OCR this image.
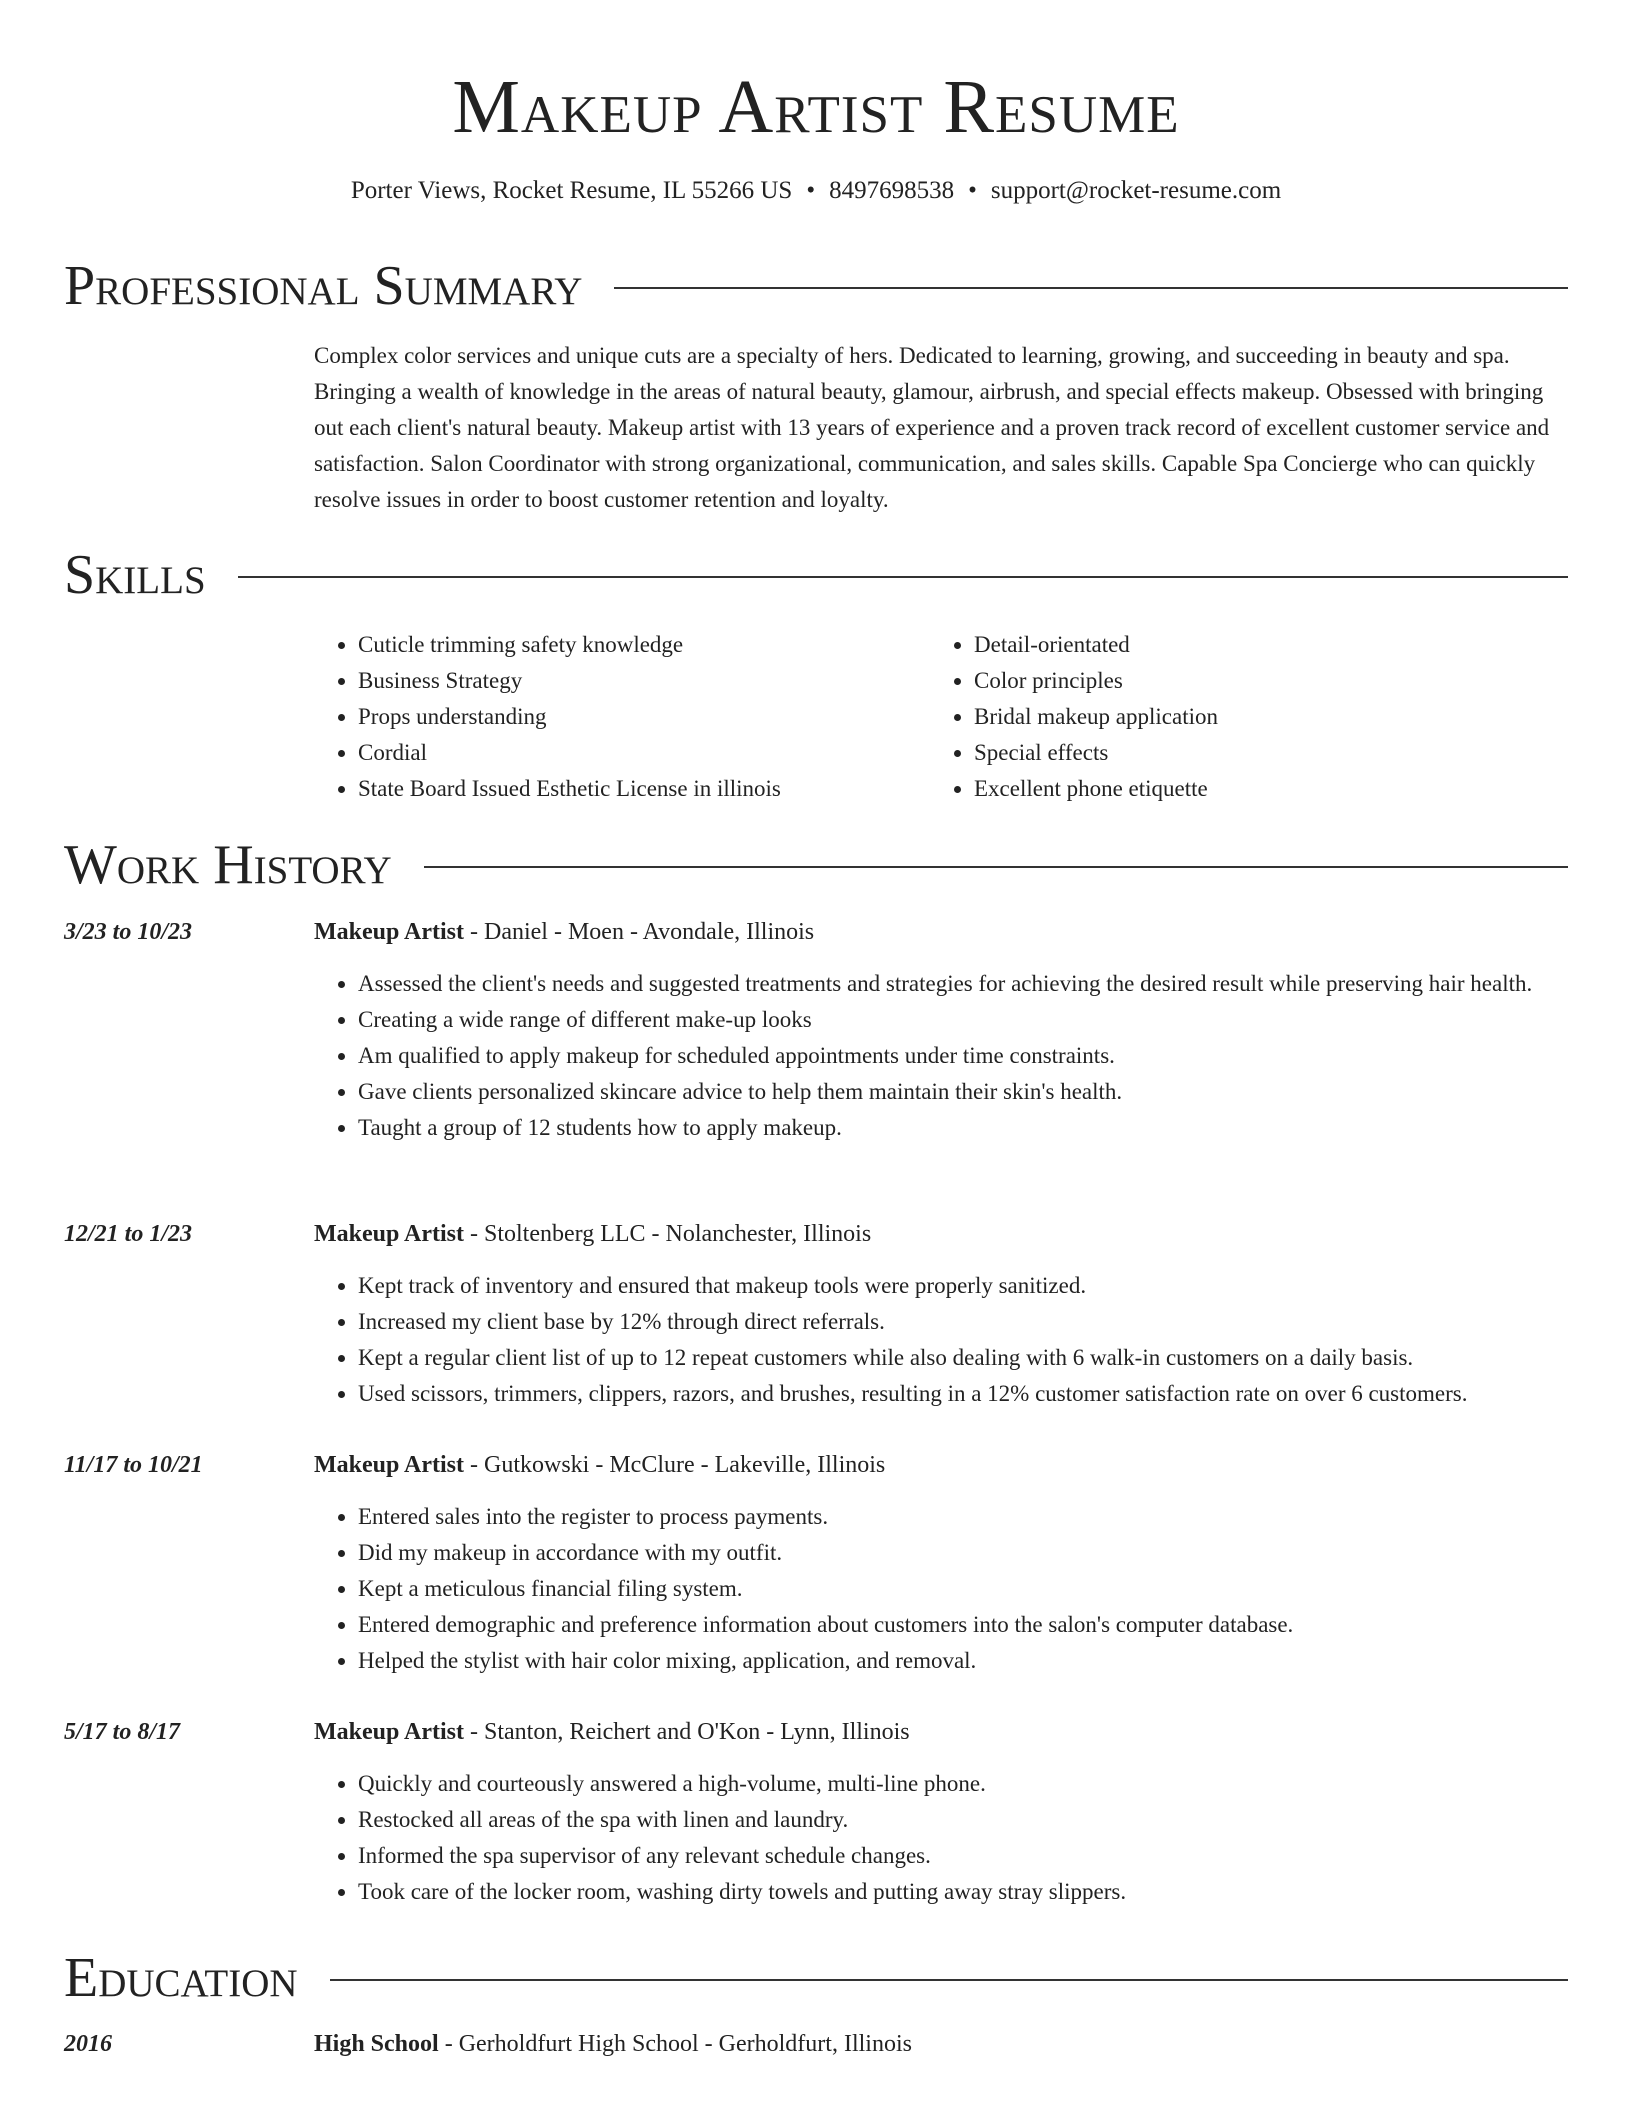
Makeup Artist Resume
Porter Views, Rocket Resume, IL 55266 US • 8497698538 • support@rocket-resume.com
Professional Summary

Complex color services and unique cuts are a specialty of hers. Dedicated to learning, growing, and succeeding in beauty and spa. Bringing a wealth of knowledge in the areas of natural beauty, glamour, airbrush, and special effects makeup. Obsessed with bringing out each client's natural beauty. Makeup artist with 13 years of experience and a proven track record of excellent customer service and satisfaction. Salon Coordinator with strong organizational, communication, and sales skills. Capable Spa Concierge who can quickly resolve issues in order to boost customer retention and loyalty.

Skills
• Cuticle trimming safety knowledge
• Business Strategy
• Props understanding
• Cordial
• State Board Issued Esthetic License in illinois
• Detail-orientated
• Color principles
• Bridal makeup application
• Special effects
• Excellent phone etiquette
Work History
3/23 to 10/23	Makeup Artist - Daniel - Moen - Avondale, Illinois
• Assessed the client's needs and suggested treatments and strategies for achieving the desired result while preserving hair health.
• Creating a wide range of different make-up looks
• Am qualified to apply makeup for scheduled appointments under time constraints.
• Gave clients personalized skincare advice to help them maintain their skin's health.
• Taught a group of 12 students how to apply makeup.
12/21 to 1/23	Makeup Artist - Stoltenberg LLC - Nolanchester, Illinois
• Kept track of inventory and ensured that makeup tools were properly sanitized.
• Increased my client base by 12% through direct referrals.
• Kept a regular client list of up to 12 repeat customers while also dealing with 6 walk-in customers on a daily basis.
• Used scissors, trimmers, clippers, razors, and brushes, resulting in a 12% customer satisfaction rate on over 6 customers.
11/17 to 10/21	Makeup Artist - Gutkowski - McClure - Lakeville, Illinois
• Entered sales into the register to process payments.
• Did my makeup in accordance with my outfit.
• Kept a meticulous financial filing system.
• Entered demographic and preference information about customers into the salon's computer database.
• Helped the stylist with hair color mixing, application, and removal.
5/17 to 8/17	Makeup Artist - Stanton, Reichert and O'Kon - Lynn, Illinois
• Quickly and courteously answered a high-volume, multi-line phone.
• Restocked all areas of the spa with linen and laundry.
• Informed the spa supervisor of any relevant schedule changes.
• Took care of the locker room, washing dirty towels and putting away stray slippers.
Education
2016	High School - Gerholdfurt High School - Gerholdfurt, Illinois
